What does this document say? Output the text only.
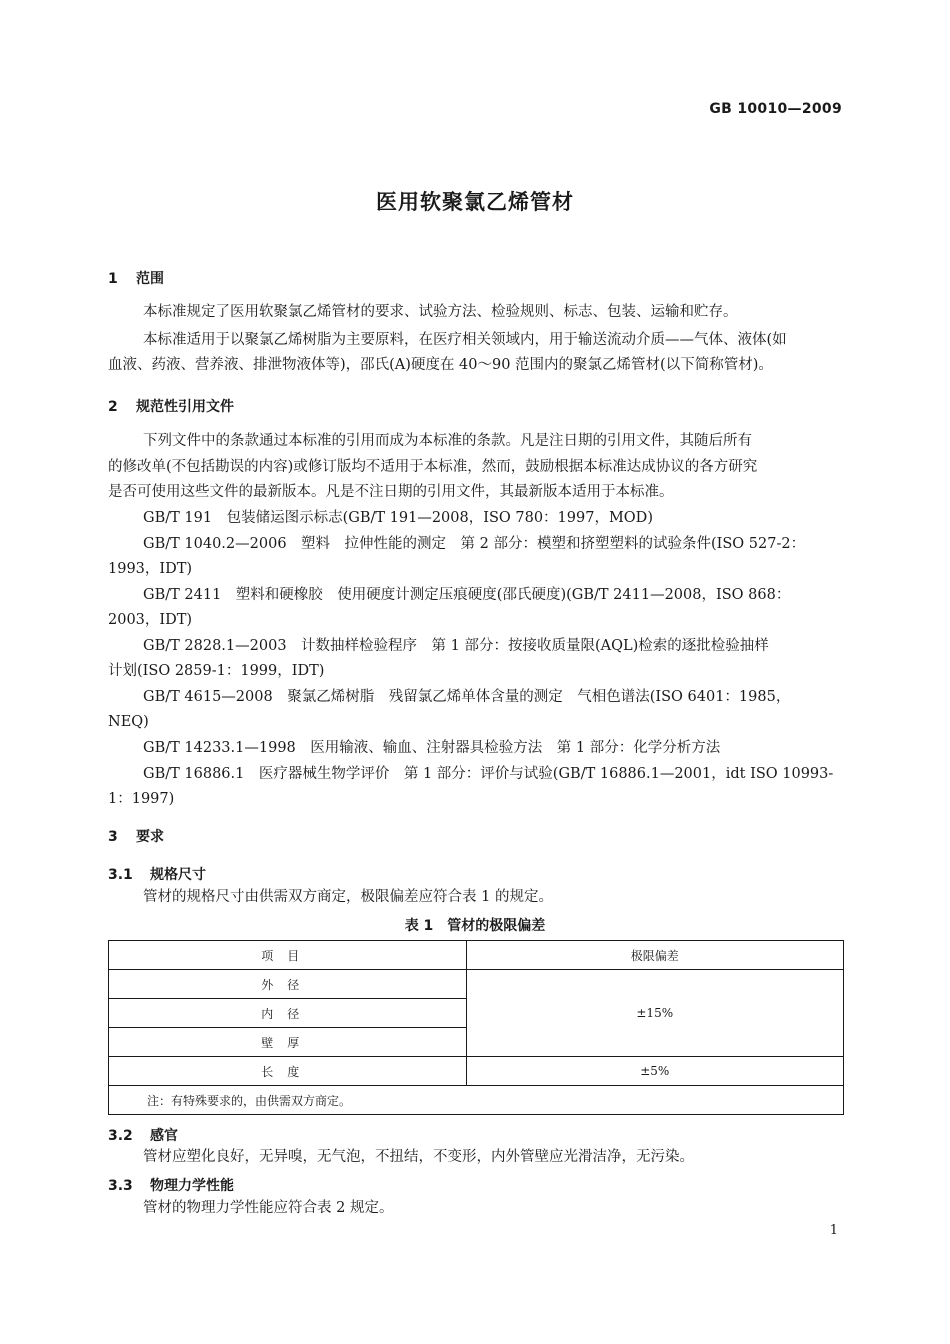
GB 10010—2009
医用软聚氯乙烯管材
1 范围
本标准规定了医用软聚氯乙烯管材的要求、试验方法、检验规则、标志、包装、运输和贮存。
本标准适用于以聚氯乙烯树脂为主要原料，在医疗相关领域内，用于输送流动介质——气体、液体(如
血液、药液、营养液、排泄物液体等)，邵氏(A)硬度在 40～90 范围内的聚氯乙烯管材(以下简称管材)。
2 规范性引用文件
下列文件中的条款通过本标准的引用而成为本标准的条款。凡是注日期的引用文件，其随后所有
的修改单(不包括勘误的内容)或修订版均不适用于本标准，然而，鼓励根据本标准达成协议的各方研究
是否可使用这些文件的最新版本。凡是不注日期的引用文件，其最新版本适用于本标准。
GB/T 191　包装储运图示标志(GB/T 191—2008，ISO 780：1997，MOD)
GB/T 1040.2—2006　塑料　拉伸性能的测定　第 2 部分：模塑和挤塑塑料的试验条件(ISO 527-2：
1993，IDT)
GB/T 2411　塑料和硬橡胶　使用硬度计测定压痕硬度(邵氏硬度)(GB/T 2411—2008，ISO 868：
2003，IDT)
GB/T 2828.1—2003　计数抽样检验程序　第 1 部分：按接收质量限(AQL)检索的逐批检验抽样
计划(ISO 2859-1：1999，IDT)
GB/T 4615—2008　聚氯乙烯树脂　残留氯乙烯单体含量的测定　气相色谱法(ISO 6401：1985，
NEQ)
GB/T 14233.1—1998　医用输液、输血、注射器具检验方法　第 1 部分：化学分析方法
GB/T 16886.1　医疗器械生物学评价　第 1 部分：评价与试验(GB/T 16886.1—2001，idt ISO 10993-
1：1997)
3 要求
3.1 规格尺寸
管材的规格尺寸由供需双方商定，极限偏差应符合表 1 的规定。
表 1　管材的极限偏差
项目	极限偏差
外径	±15%
内径	
壁厚	
长度	±5%
注：有特殊要求的，由供需双方商定。	
3.2 感官
管材应塑化良好，无异嗅，无气泡，不扭结，不变形，内外管壁应光滑洁净，无污染。
3.3 物理力学性能
管材的物理力学性能应符合表 2 规定。
1
